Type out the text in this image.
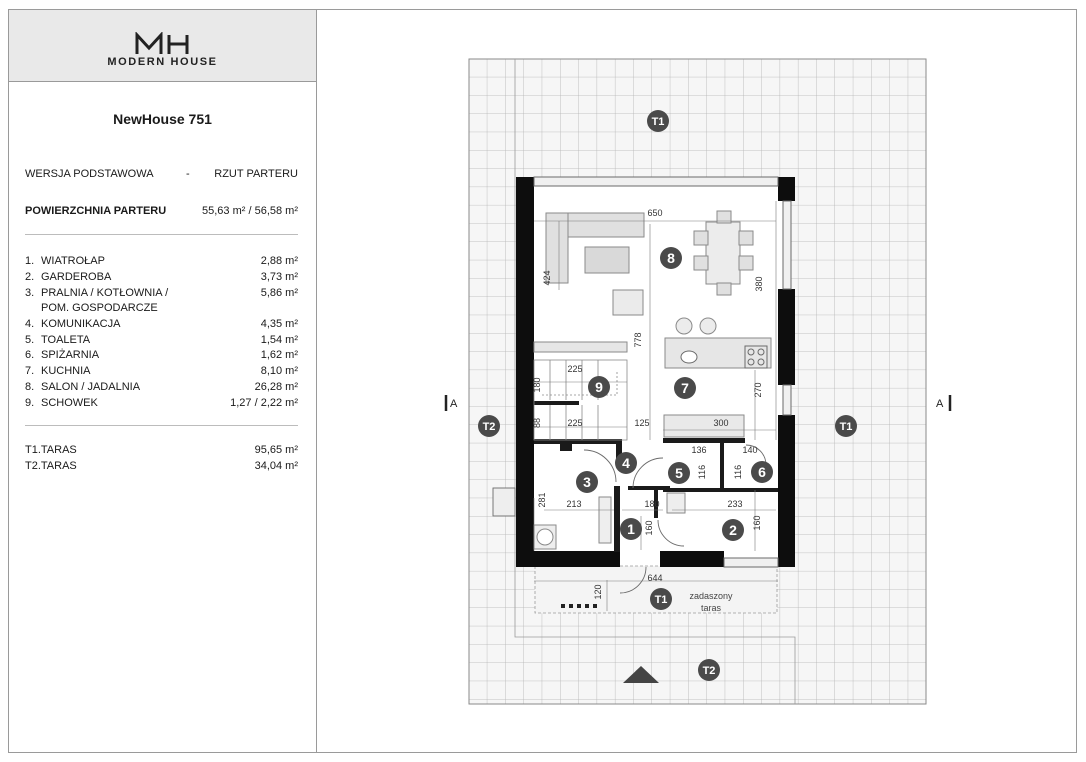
MODERN HOUSE
NewHouse 751
WERSJA PODSTAWOWA	- RZUT PARTERU
POWIERZCHNIA PARTERU	55,63 m² / 56,58 m²
1. WIATROŁAP	2,88 m²
2. GARDEROBA	3,73 m²
3. PRALNIA / KOTŁOWNIA /	5,86 m²
POM. GOSPODARCZE
4. KOMUNIKACJA	4,35 m²
5. TOALETA	1,54 m²
6. SPIŻARNIA	1,62 m²
7. KUCHNIA	8,10 m²
8. SALON / JADALNIA	26,28 m²
9. SCHOWEK	1,27 / 2,22 m²
T1.TARAS	95,65 m²
T2.TARAS	34,04 m²
A	A
1	2
3
4
5	6
7
8
9
T1
T1
T1
T2
T2
650
424	380
778
225
180
88	225	125	300
270
136
116
140
116
281 213	180	233
160	160
644
120	zadaszony
taras
